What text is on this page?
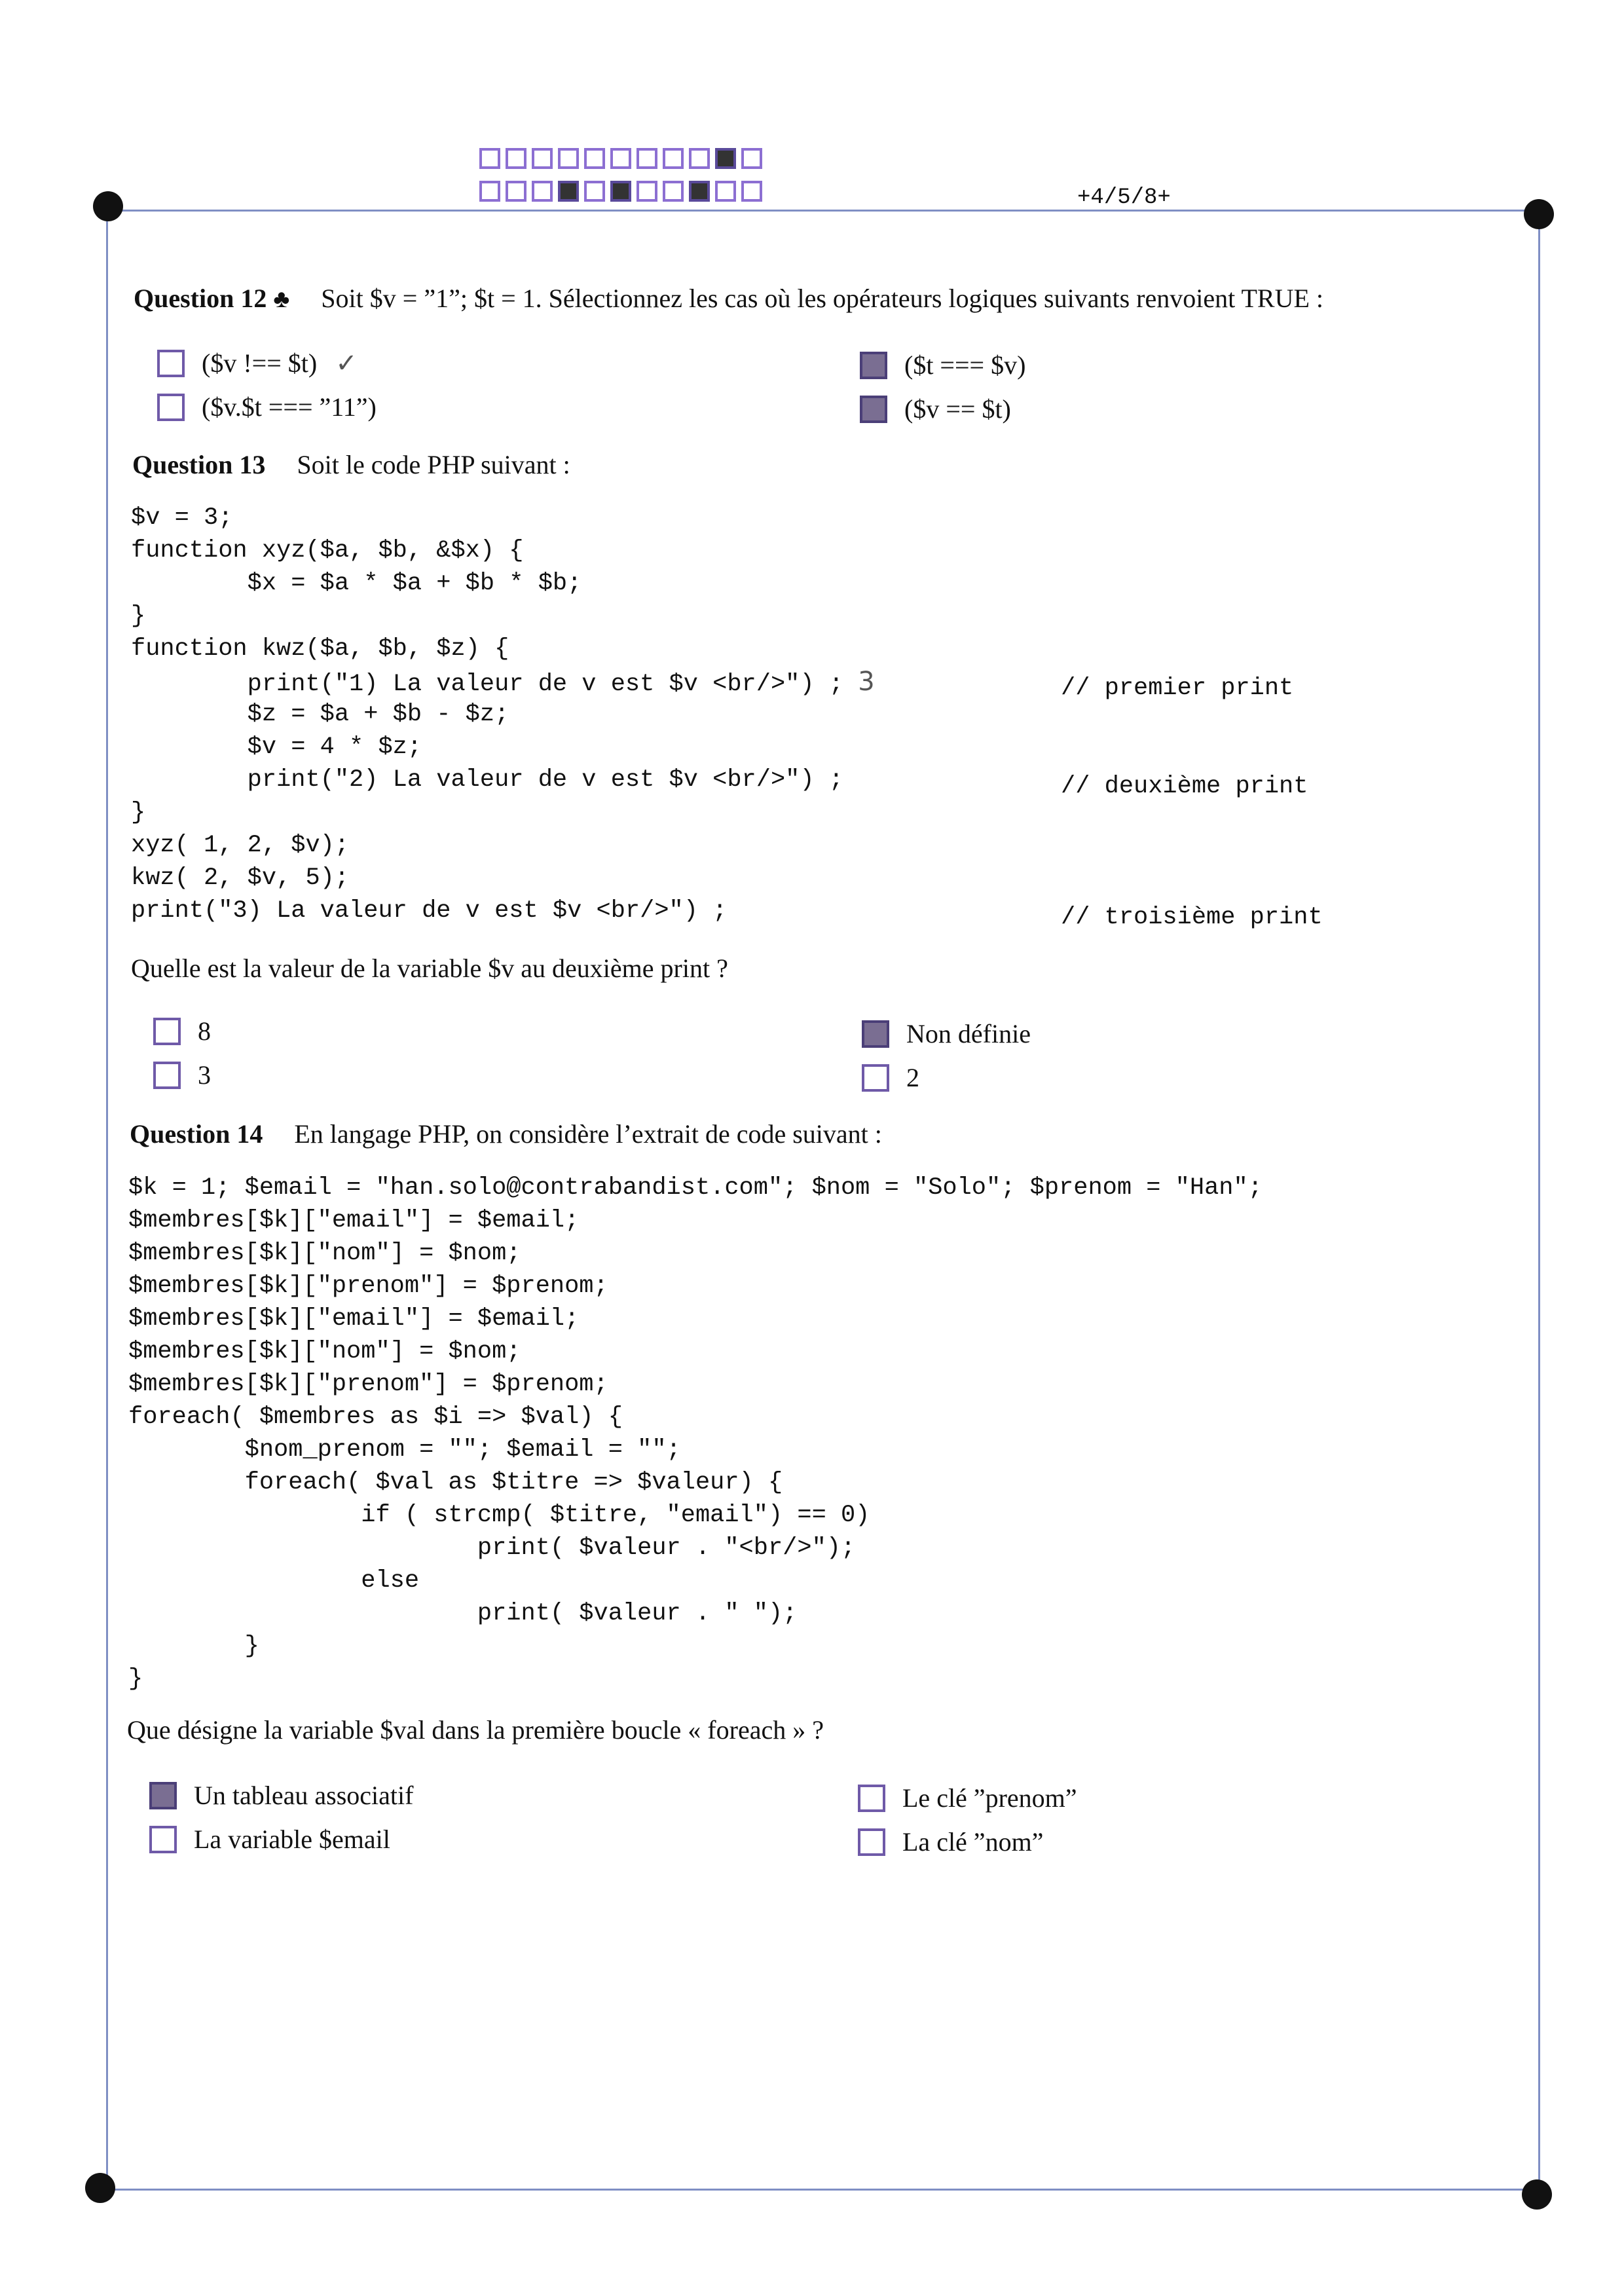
+4/5/8+
Question 12 ♣ Soit $v = ”1”; $t = 1. Sélectionnez les cas où les opérateurs logiques suivants renvoient TRUE :
($v !== $t) ✓
($v.$t === ”11”)
($t === $v)
($v == $t)
Question 13 Soit le code PHP suivant :
$v = 3;
function xyz($a, $b, &$x) {
$x = $a * $a + $b * $b;
}
function kwz($a, $b, $z) {
print("1) La valeur de v est $v <br/>") ; 3
$z = $a + $b - $z;
$v = 4 * $z;
print("2) La valeur de v est $v <br/>") ;
}
xyz( 1, 2, $v);
kwz( 2, $v, 5);
print("3) La valeur de v est $v <br/>") ;
// premier print
// deuxième print
// troisième print
Quelle est la valeur de la variable $v au deuxième print ?
8
3
Non définie
2
Question 14 En langage PHP, on considère l’extrait de code suivant :
$k = 1; $email = "han.solo@contrabandist.com"; $nom = "Solo"; $prenom = "Han";
$membres[$k]["email"] = $email;
$membres[$k]["nom"] = $nom;
$membres[$k]["prenom"] = $prenom;
$membres[$k]["email"] = $email;
$membres[$k]["nom"] = $nom;
$membres[$k]["prenom"] = $prenom;
foreach( $membres as $i => $val) {
$nom_prenom = ""; $email = "";
foreach( $val as $titre => $valeur) {
if ( strcmp( $titre, "email") == 0)
print( $valeur . "<br/>");
else
print( $valeur . " ");
}
}
Que désigne la variable $val dans la première boucle « foreach » ?
Un tableau associatif
La variable $email
Le clé ”prenom”
La clé ”nom”
